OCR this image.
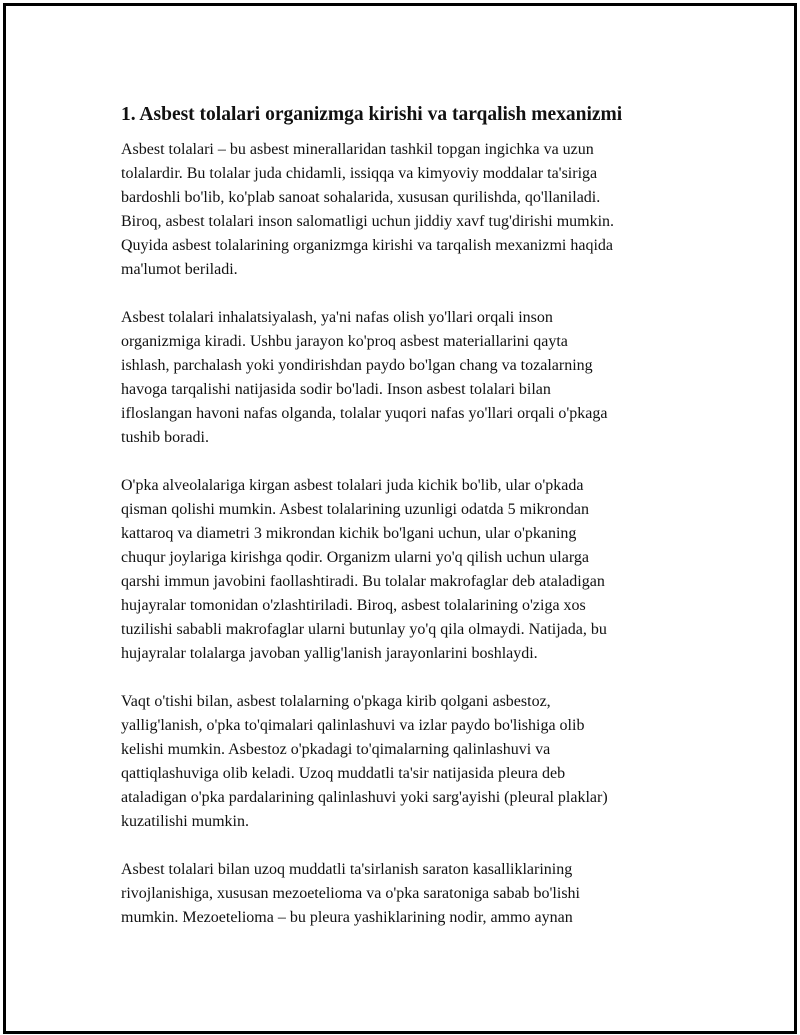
1. Asbest tolalari organizmga kirishi va tarqalish mexanizmi

Asbest tolalari – bu asbest minerallaridan tashkil topgan ingichka va uzun
tolalardir. Bu tolalar juda chidamli, issiqqa va kimyoviy moddalar ta'siriga
bardoshli bo'lib, ko'plab sanoat sohalarida, xususan qurilishda, qo'llaniladi.
Biroq, asbest tolalari inson salomatligi uchun jiddiy xavf tug'dirishi mumkin.
Quyida asbest tolalarining organizmga kirishi va tarqalish mexanizmi haqida
ma'lumot beriladi.

Asbest tolalari inhalatsiyalash, ya'ni nafas olish yo'llari orqali inson
organizmiga kiradi. Ushbu jarayon ko'proq asbest materiallarini qayta
ishlash, parchalash yoki yondirishdan paydo bo'lgan chang va tozalarning
havoga tarqalishi natijasida sodir bo'ladi. Inson asbest tolalari bilan
ifloslangan havoni nafas olganda, tolalar yuqori nafas yo'llari orqali o'pkaga
tushib boradi.

O'pka alveolalariga kirgan asbest tolalari juda kichik bo'lib, ular o'pkada
qisman qolishi mumkin. Asbest tolalarining uzunligi odatda 5 mikrondan
kattaroq va diametri 3 mikrondan kichik bo'lgani uchun, ular o'pkaning
chuqur joylariga kirishga qodir. Organizm ularni yo'q qilish uchun ularga
qarshi immun javobini faollashtiradi. Bu tolalar makrofaglar deb ataladigan
hujayralar tomonidan o'zlashtiriladi. Biroq, asbest tolalarining o'ziga xos
tuzilishi sababli makrofaglar ularni butunlay yo'q qila olmaydi. Natijada, bu
hujayralar tolalarga javoban yallig'lanish jarayonlarini boshlaydi.

Vaqt o'tishi bilan, asbest tolalarning o'pkaga kirib qolgani asbestoz,
yallig'lanish, o'pka to'qimalari qalinlashuvi va izlar paydo bo'lishiga olib
kelishi mumkin. Asbestoz o'pkadagi to'qimalarning qalinlashuvi va
qattiqlashuviga olib keladi. Uzoq muddatli ta'sir natijasida pleura deb
ataladigan o'pka pardalarining qalinlashuvi yoki sarg'ayishi (pleural plaklar)
kuzatilishi mumkin.

Asbest tolalari bilan uzoq muddatli ta'sirlanish saraton kasalliklarining
rivojlanishiga, xususan mezoetelioma va o'pka saratoniga sabab bo'lishi
mumkin. Mezoetelioma – bu pleura yashiklarining nodir, ammo aynan
